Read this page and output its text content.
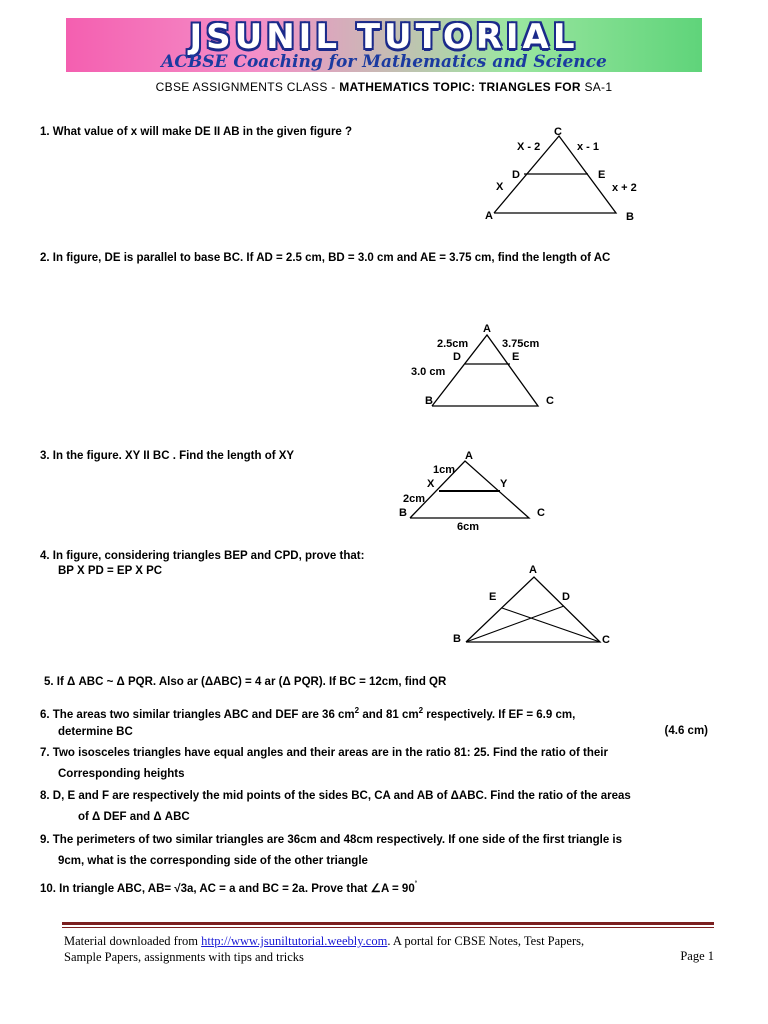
JSUNIL TUTORIAL
ACBSE Coaching for Mathematics and Science
CBSE ASSIGNMENTS CLASS - MATHEMATICS TOPIC: TRIANGLES FOR SA-1
1. What value of x will make DE II AB in the given figure ?	C
X - 2	x - 1
D	E
X	x + 2
A	B
2. In figure, DE is parallel to base BC. If AD = 2.5 cm, BD = 3.0 cm and AE = 3.75 cm, find the length of AC
A
2.5cm	3.75cm
D	E
3.0 cm
B	C
3. In the figure. XY II BC . Find the length of XY	A
1cm
X	Y
2cm
B	C
6cm
4. In figure, considering triangles BEP and CPD, prove that:
BP X PD = EP X PC	A
E	D
B	C
5. If Δ ABC ~ Δ PQR. Also ar (ΔABC) = 4 ar (Δ PQR). If BC = 12cm, find QR
6. The areas two similar triangles ABC and DEF are 36 $cm^2$ and 81 $cm^2$ respectively. If EF = 6.9 cm,
determine BC	(4.6 cm)
7. Two isosceles triangles have equal angles and their areas are in the ratio 81: 25. Find the ratio of their
Corresponding heights
8. D, E and F are respectively the mid points of the sides BC, CA and AB of ΔABC. Find the ratio of the areas
of Δ DEF and Δ ABC
9. The perimeters of two similar triangles are 36cm and 48cm respectively. If one side of the first triangle is
9cm, what is the corresponding side of the other triangle
10. In triangle ABC, AB= √3a, AC = a and BC = 2a. Prove that ∠A = 90˚
Material downloaded from http://www.jsuniltutorial.weebly.com. A portal for CBSE Notes, Test Papers,
Sample Papers, assignments with tips and tricks	Page 1
